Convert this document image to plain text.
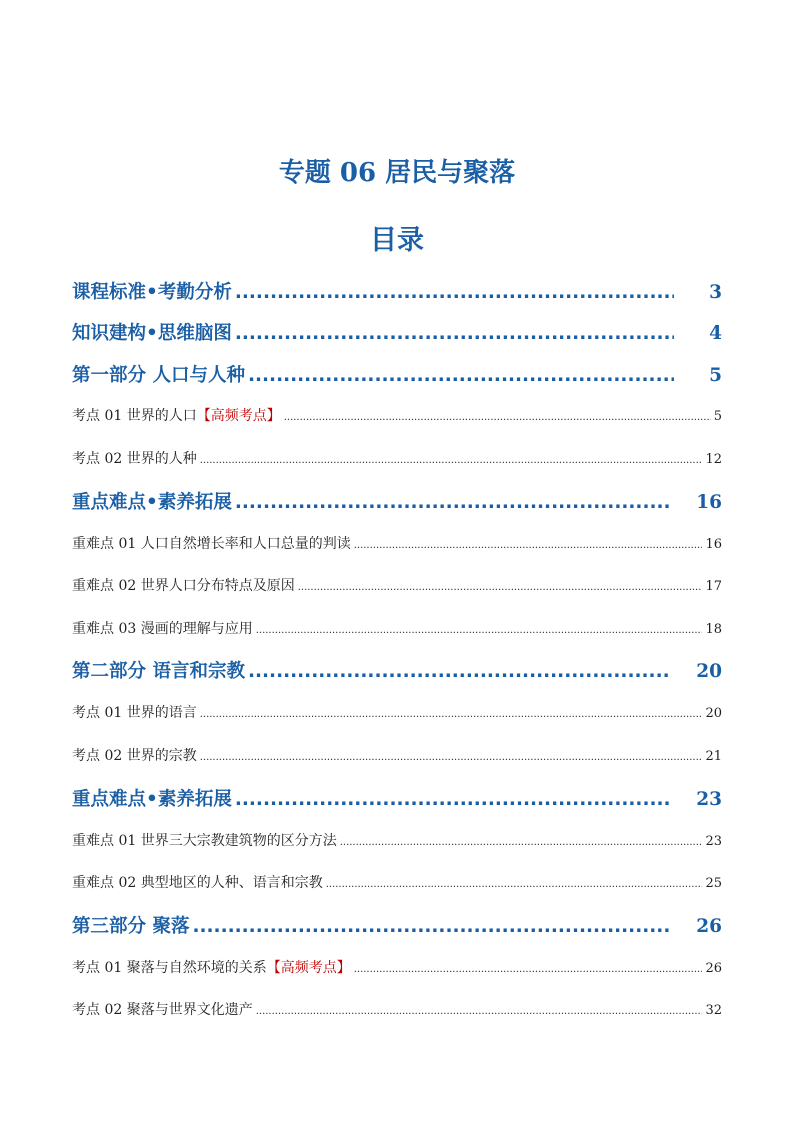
专题 06 居民与聚落
目录
课程标准•考勤分析 .....	3
知识建构•思维脑图 .....	4
第一部分 人口与人种 .....	5
考点 01 世界的人口 【高频考点】 .....	5
考点 02 世界的人种 .....	12
重点难点•素养拓展 .....	16
重难点 01 人口自然增长率和人口总量的判读 .....	16
重难点 02 世界人口分布特点及原因 .....	17
重难点 03 漫画的理解与应用 .....	18
第二部分 语言和宗教 .....	20
考点 01 世界的语言 .....	20
考点 02 世界的宗教 .....	21
重点难点•素养拓展 .....	23
重难点 01 世界三大宗教建筑物的区分方法 .....	23
重难点 02 典型地区的人种、语言和宗教 .....	25
第三部分 聚落 .....	26
考点 01 聚落与自然环境的关系 【高频考点】 .....	26
考点 02 聚落与世界文化遗产 .....	32
